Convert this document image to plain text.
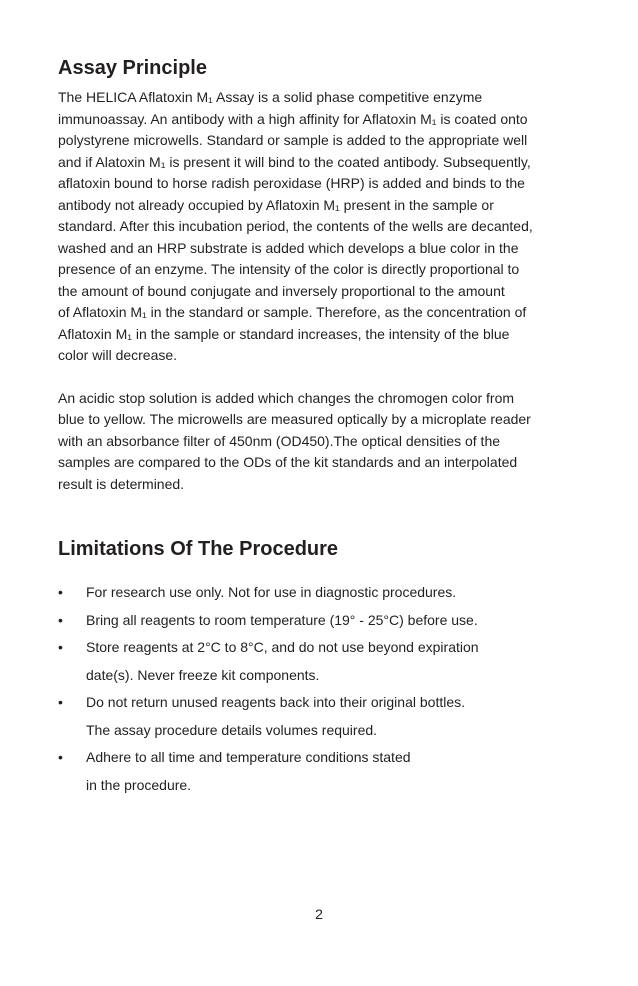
Assay Principle

The HELICA Aflatoxin M₁ Assay is a solid phase competitive enzyme
immunoassay. An antibody with a high affinity for Aflatoxin M₁ is coated onto
polystyrene microwells. Standard or sample is added to the appropriate well
and if Alatoxin M₁ is present it will bind to the coated antibody. Subsequently,
aflatoxin bound to horse radish peroxidase (HRP) is added and binds to the
antibody not already occupied by Aflatoxin M₁ present in the sample or
standard. After this incubation period, the contents of the wells are decanted,
washed and an HRP substrate is added which develops a blue color in the
presence of an enzyme. The intensity of the color is directly proportional to
the amount of bound conjugate and inversely proportional to the amount
of Aflatoxin M₁ in the standard or sample. Therefore, as the concentration of
Aflatoxin M₁ in the sample or standard increases, the intensity of the blue
color will decrease.

An acidic stop solution is added which changes the chromogen color from
blue to yellow. The microwells are measured optically by a microplate reader
with an absorbance filter of 450nm (OD450).The optical densities of the
samples are compared to the ODs of the kit standards and an interpolated
result is determined.

Limitations Of The Procedure
• For research use only. Not for use in diagnostic procedures.
• Bring all reagents to room temperature (19° - 25°C) before use.
• Store reagents at 2°C to 8°C, and do not use beyond expiration
date(s). Never freeze kit components.
• Do not return unused reagents back into their original bottles.
The assay procedure details volumes required.
• Adhere to all time and temperature conditions stated
in the procedure.
2
